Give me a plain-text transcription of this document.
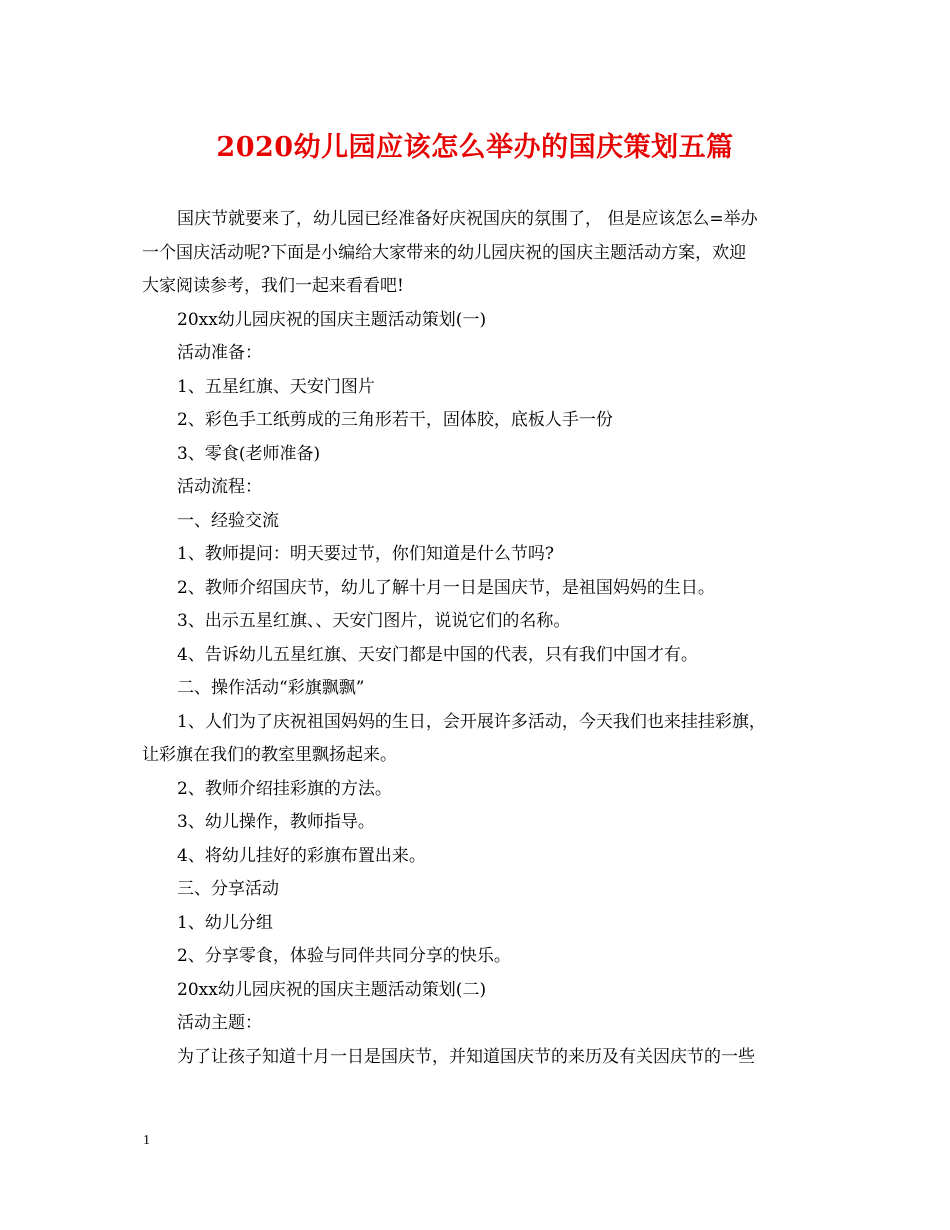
2020幼儿园应该怎么举办的国庆策划五篇

国庆节就要来了，幼儿园已经准备好庆祝国庆的氛围了， 但是应该怎么=举办

一个国庆活动呢?下面是小编给大家带来的幼儿园庆祝的国庆主题活动方案，欢迎

大家阅读参考，我们一起来看看吧!

20xx幼儿园庆祝的国庆主题活动策划(一)

活动准备：

1、五星红旗、天安门图片

2、彩色手工纸剪成的三角形若干，固体胶，底板人手一份

3、零食(老师准备)

活动流程：

一、经验交流

1、教师提问：明天要过节，你们知道是什么节吗?

2、教师介绍国庆节，幼儿了解十月一日是国庆节，是祖国妈妈的生日。

3、出示五星红旗、、天安门图片，说说它们的名称。

4、告诉幼儿五星红旗、天安门都是中国的代表，只有我们中国才有。

二、操作活动“彩旗飘飘”

1、人们为了庆祝祖国妈妈的生日，会开展许多活动，今天我们也来挂挂彩旗，

让彩旗在我们的教室里飘扬起来。

2、教师介绍挂彩旗的方法。

3、幼儿操作，教师指导。

4、将幼儿挂好的彩旗布置出来。

三、分享活动

1、幼儿分组

2、分享零食，体验与同伴共同分享的快乐。

20xx幼儿园庆祝的国庆主题活动策划(二)

活动主题：

为了让孩子知道十月一日是国庆节，并知道国庆节的来历及有关因庆节的一些

1
